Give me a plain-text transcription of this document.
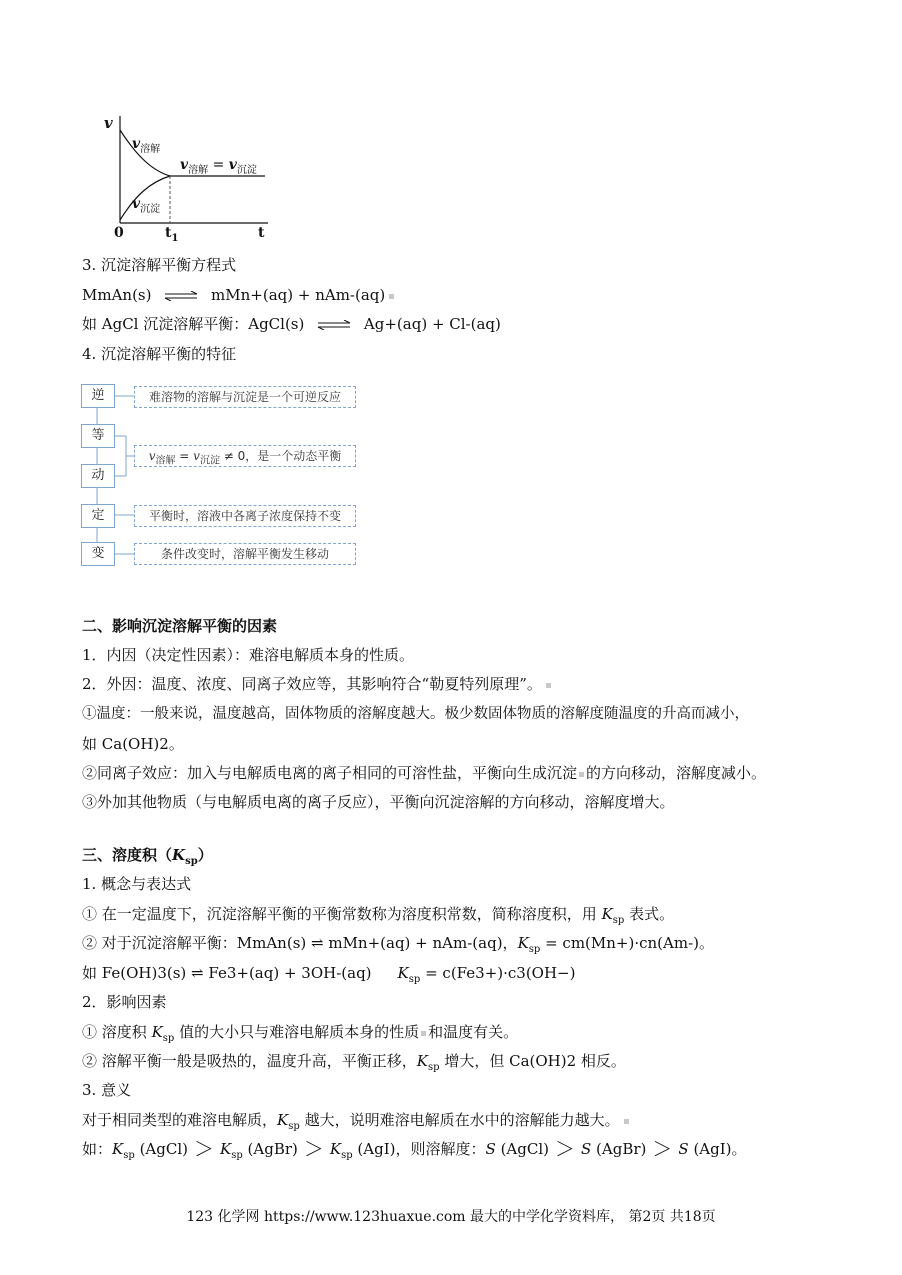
v
$v_{溶解}$
$v_{溶解} = v_{沉淀}$
$v_{沉淀}$
0	$t_1$	t
3. 沉淀溶解平衡方程式
MmAn(s) ⇌ mMn+(aq) + nAm-(aq)
如 AgCl 沉淀溶解平衡：AgCl(s) ⇌ Ag+(aq) + Cl-(aq)
4. 沉淀溶解平衡的特征
逆
等
动
定
变
难溶物的溶解与沉淀是一个可逆反应
$v_{溶解} = v_{沉淀} \ne 0$，是一个动态平衡
平衡时，溶液中各离子浓度保持不变
条件改变时，溶解平衡发生移动
二、影响沉淀溶解平衡的因素
1．内因（决定性因素）：难溶电解质本身的性质。
2．外因：温度、浓度、同离子效应等，其影响符合“勒夏特列原理”。
①温度：一般来说，温度越高，固体物质的溶解度越大。极少数固体物质的溶解度随温度的升高而减小，
如 Ca(OH)2。
②同离子效应：加入与电解质电离的离子相同的可溶性盐，平衡向生成沉淀 的方向移动，溶解度减小。
③外加其他物质（与电解质电离的离子反应），平衡向沉淀溶解的方向移动，溶解度增大。
三、溶度积$(K_{sp})$
1. 概念与表达式
① 在一定温度下，沉淀溶解平衡的平衡常数称为溶度积常数，简称溶度积，用 $K_{sp}$ 表式。
② 对于沉淀溶解平衡：MmAn(s) ⇌ mMn+(aq) + nAm-(aq)，$K_{sp} = cm(Mn+)\cdot cn(Am-)$。
如 Fe(OH)3(s) ⇌ Fe3+(aq) + 3OH-(aq) $K_{sp} = c(Fe3+)\cdot c3(OH-)$
2．影响因素
① 溶度积 $K_{sp}$ 值的大小只与难溶电解质本身的性质 和温度有关。
② 溶解平衡一般是吸热的，温度升高，平衡正移，$K_{sp}$ 增大，但 Ca(OH)2 相反。
3. 意义
对于相同类型的难溶电解质，$K_{sp}$ 越大，说明难溶电解质在水中的溶解能力越大。
如：$K_{sp}$ (AgCl) ＞ $K_{sp}$ (AgBr) ＞ $K_{sp}$ (AgI)，则溶解度：S (AgCl) ＞ S (AgBr) ＞ S (AgI)。
123 化学网 https://www.123huaxue.com 最大的中学化学资料库， 第2页 共18页
